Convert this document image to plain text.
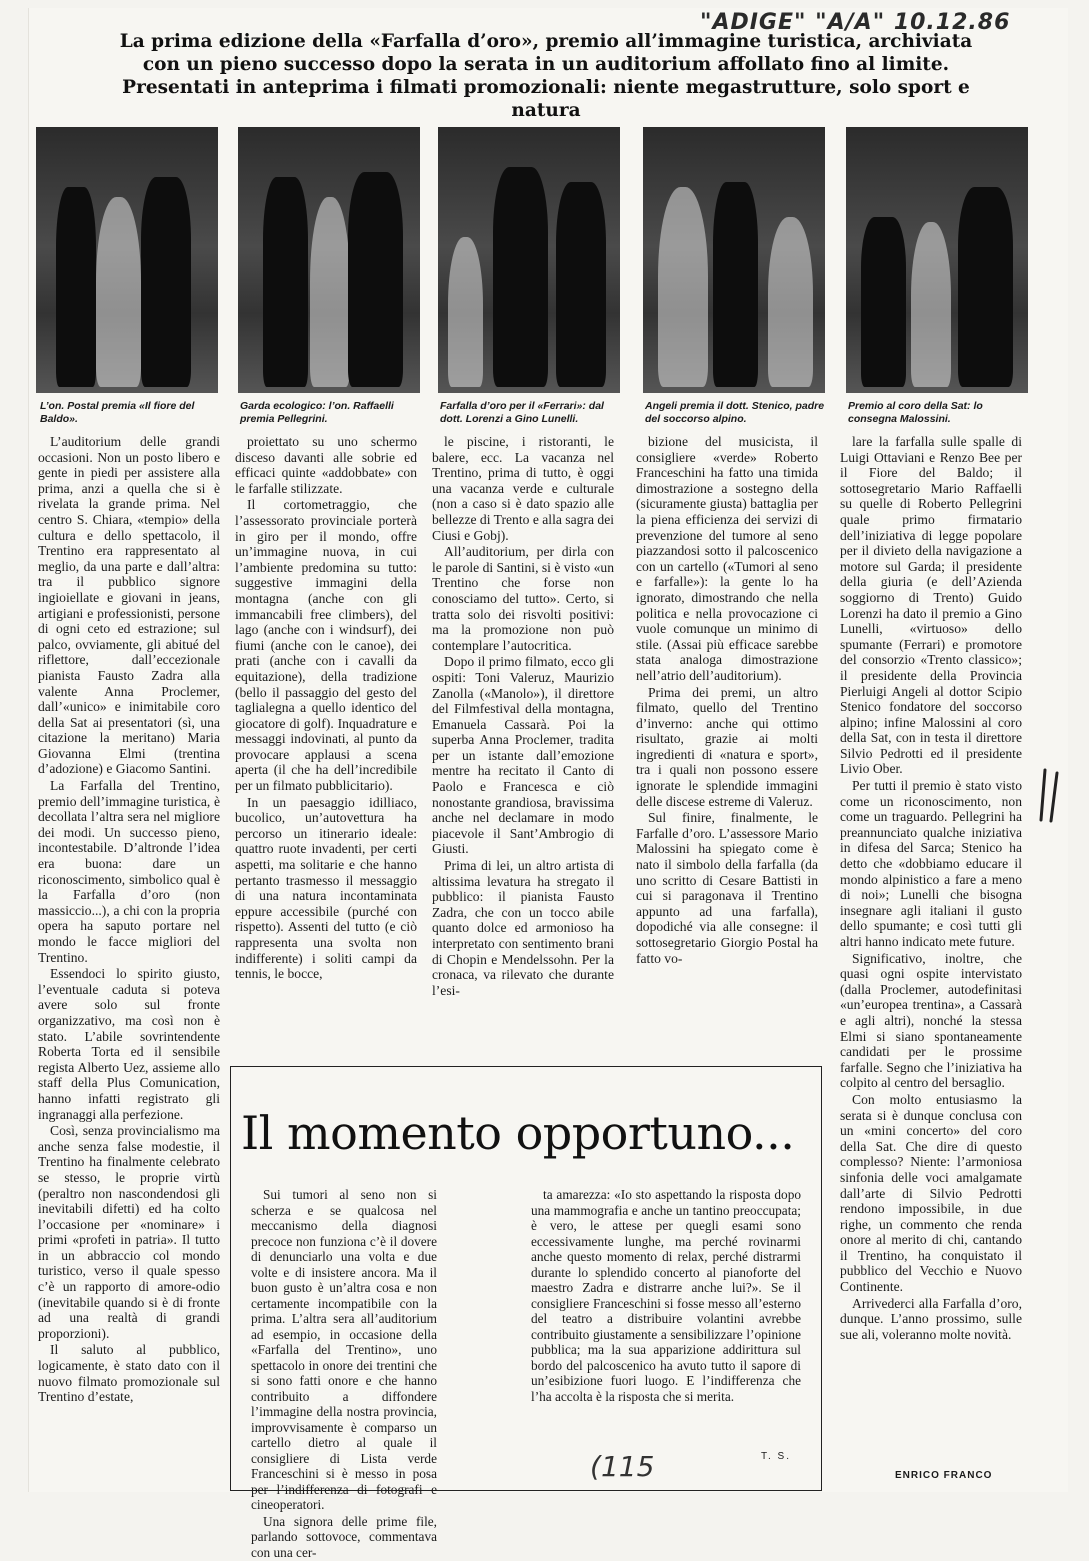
"ADIGE" "A/A" 10.12.86
La prima edizione della «Farfalla d’oro», premio all’immagine turistica, archiviata
con un pieno successo dopo la serata in un auditorium affollato fino al limite.
Presentati in anteprima i filmati promozionali: niente megastrutture, solo sport e natura
L’on. Postal premia «Il fiore del Baldo».
Garda ecologico: l’on. Raffaelli premia Pellegrini.
Farfalla d’oro per il «Ferrari»: dal dott. Lorenzi a Gino Lunelli.
Angeli premia il dott. Stenico, padre del soccorso alpino.
Premio al coro della Sat: lo consegna Malossini.

L’auditorium delle grandi occasioni. Non un posto libero e gente in piedi per assistere alla prima, anzi a quella che si è rivelata la grande prima. Nel centro S. Chiara, «tempio» della cultura e dello spettacolo, il Trentino era rappresentato al meglio, da una parte e dall’altra: tra il pubblico signore ingioiellate e giovani in jeans, artigiani e professionisti, persone di ogni ceto ed estrazione; sul palco, ovviamente, gli abitué del riflettore, dall’eccezionale pianista Fausto Zadra alla valente Anna Proclemer, dall’«unico» e inimitabile coro della Sat ai presentatori (sì, una citazione la meritano) Maria Giovanna Elmi (trentina d’adozione) e Giacomo Santini.

La Farfalla del Trentino, premio dell’immagine turistica, è decollata l’altra sera nel migliore dei modi. Un successo pieno, incontestabile. D’altronde l’idea era buona: dare un riconoscimento, simbolico qual è la Farfalla d’oro (non massiccio...), a chi con la propria opera ha saputo portare nel mondo le facce migliori del Trentino.

Essendoci lo spirito giusto, l’eventuale caduta si poteva avere solo sul fronte organizzativo, ma così non è stato. L’abile sovrintendente Roberta Torta ed il sensibile regista Alberto Uez, assieme allo staff della Plus Comunication, hanno infatti registrato gli ingranaggi alla perfezione.

Così, senza provincialismo ma anche senza false modestie, il Trentino ha finalmente celebrato se stesso, le proprie virtù (peraltro non nascondendosi gli inevitabili difetti) ed ha colto l’occasione per «nominare» i primi «profeti in patria». Il tutto in un abbraccio col mondo turistico, verso il quale spesso c’è un rapporto di amore-odio (inevitabile quando si è di fronte ad una realtà di grandi proporzioni).

Il saluto al pubblico, logicamente, è stato dato con il nuovo filmato promozionale sul Trentino d’estate,

proiettato su uno schermo disceso davanti alle sobrie ed efficaci quinte «addobbate» con le farfalle stilizzate.

Il cortometraggio, che l’assessorato provinciale porterà in giro per il mondo, offre un’immagine nuova, in cui l’ambiente predomina su tutto: suggestive immagini della montagna (anche con gli immancabili free climbers), del lago (anche con i windsurf), dei fiumi (anche con le canoe), dei prati (anche con i cavalli da equitazione), della tradizione (bello il passaggio del gesto del taglialegna a quello identico del giocatore di golf). Inquadrature e messaggi indovinati, al punto da provocare applausi a scena aperta (il che ha dell’incredibile per un filmato pubblicitario).

In un paesaggio idilliaco, bucolico, un’autovettura ha percorso un itinerario ideale: quattro ruote invadenti, per certi aspetti, ma solitarie e che hanno pertanto trasmesso il messaggio di una natura incontaminata eppure accessibile (purché con rispetto). Assenti del tutto (e ciò rappresenta una svolta non indifferente) i soliti campi da tennis, le bocce,

le piscine, i ristoranti, le balere, ecc. La vacanza nel Trentino, prima di tutto, è oggi una vacanza verde e culturale (non a caso si è dato spazio alle bellezze di Trento e alla sagra dei Ciusi e Gobj).

All’auditorium, per dirla con le parole di Santini, si è visto «un Trentino che forse non conosciamo del tutto». Certo, si tratta solo dei risvolti positivi: ma la promozione non può contemplare l’autocritica.

Dopo il primo filmato, ecco gli ospiti: Toni Valeruz, Maurizio Zanolla («Manolo»), il direttore del Filmfestival della montagna, Emanuela Cassarà. Poi la superba Anna Proclemer, tradita per un istante dall’emozione mentre ha recitato il Canto di Paolo e Francesca e ciò nonostante grandiosa, bravissima anche nel declamare in modo piacevole il Sant’Ambrogio di Giusti.

Prima di lei, un altro artista di altissima levatura ha stregato il pubblico: il pianista Fausto Zadra, che con un tocco abile quanto dolce ed armonioso ha interpretato con sentimento brani di Chopin e Mendelssohn. Per la cronaca, va rilevato che durante l’esi-

bizione del musicista, il consigliere «verde» Roberto Franceschini ha fatto una timida dimostrazione a sostegno della (sicuramente giusta) battaglia per la piena efficienza dei servizi di prevenzione del tumore al seno piazzandosi sotto il palcoscenico con un cartello («Tumori al seno e farfalle»): la gente lo ha ignorato, dimostrando che nella politica e nella provocazione ci vuole comunque un minimo di stile. (Assai più efficace sarebbe stata analoga dimostrazione nell’atrio dell’auditorium).

Prima dei premi, un altro filmato, quello del Trentino d’inverno: anche qui ottimo risultato, grazie ai molti ingredienti di «natura e sport», tra i quali non possono essere ignorate le splendide immagini delle discese estreme di Valeruz.

Sul finire, finalmente, le Farfalle d’oro. L’assessore Mario Malossini ha spiegato come è nato il simbolo della farfalla (da uno scritto di Cesare Battisti in cui si paragonava il Trentino appunto ad una farfalla), dopodiché via alle consegne: il sottosegretario Giorgio Postal ha fatto vo-

lare la farfalla sulle spalle di Luigi Ottaviani e Renzo Bee per il Fiore del Baldo; il sottosegretario Mario Raffaelli su quelle di Roberto Pellegrini quale primo firmatario dell’iniziativa di legge popolare per il divieto della navigazione a motore sul Garda; il presidente della giuria (e dell’Azienda soggiorno di Trento) Guido Lorenzi ha dato il premio a Gino Lunelli, «virtuoso» dello spumante (Ferrari) e promotore del consorzio «Trento classico»; il presidente della Provincia Pierluigi Angeli al dottor Scipio Stenico fondatore del soccorso alpino; infine Malossini al coro della Sat, con in testa il direttore Silvio Pedrotti ed il presidente Livio Ober.

Per tutti il premio è stato visto come un riconoscimento, non come un traguardo. Pellegrini ha preannunciato qualche iniziativa in difesa del Sarca; Stenico ha detto che «dobbiamo educare il mondo alpinistico a fare a meno di noi»; Lunelli che bisogna insegnare agli italiani il gusto dello spumante; e così tutti gli altri hanno indicato mete future.

Significativo, inoltre, che quasi ogni ospite intervistato (dalla Proclemer, autodefinitasi «un’europea trentina», a Cassarà e agli altri), nonché la stessa Elmi si siano spontaneamente candidati per le prossime farfalle. Segno che l’iniziativa ha colpito al centro del bersaglio.

Con molto entusiasmo la serata si è dunque conclusa con un «mini concerto» del coro della Sat. Che dire di questo complesso? Niente: l’armoniosa sinfonia delle voci amalgamate dall’arte di Silvio Pedrotti rendono impossibile, in due righe, un commento che renda onore al merito di chi, cantando il Trentino, ha conquistato il pubblico del Vecchio e Nuovo Continente.

Arrivederci alla Farfalla d’oro, dunque. L’anno prossimo, sulle sue ali, voleranno molte novità.

ENRICO FRANCO
Il momento opportuno...

Sui tumori al seno non si scherza e se qualcosa nel meccanismo della diagnosi precoce non funziona c’è il dovere di denunciarlo una volta e due volte e di insistere ancora. Ma il buon gusto è un’altra cosa e non certamente incompatibile con la prima. L’altra sera all’auditorium ad esempio, in occasione della «Farfalla del Trentino», uno spettacolo in onore dei trentini che si sono fatti onore e che hanno contribuito a diffondere l’immagine della nostra provincia, improvvisamente è comparso un cartello dietro al quale il consigliere di Lista verde Franceschini si è messo in posa per l’indifferenza di fotografi e cineoperatori.

Una signora delle prime file, parlando sottovoce, commentava con una cer-

ta amarezza: «Io sto aspettando la risposta dopo una mammografia e anche un tantino preoccupata; è vero, le attese per quegli esami sono eccessivamente lunghe, ma perché rovinarmi anche questo momento di relax, perché distrarmi durante lo splendido concerto al pianoforte del maestro Zadra e distrarre anche lui?». Se il consigliere Franceschini si fosse messo all’esterno del teatro a distribuire volantini avrebbe contribuito giustamente a sensibilizzare l’opinione pubblica; ma la sua apparizione addirittura sul bordo del palcoscenico ha avuto tutto il sapore di un’esibizione fuori luogo. E l’indifferenza che l’ha accolta è la risposta che si merita.

T. S.
(115
